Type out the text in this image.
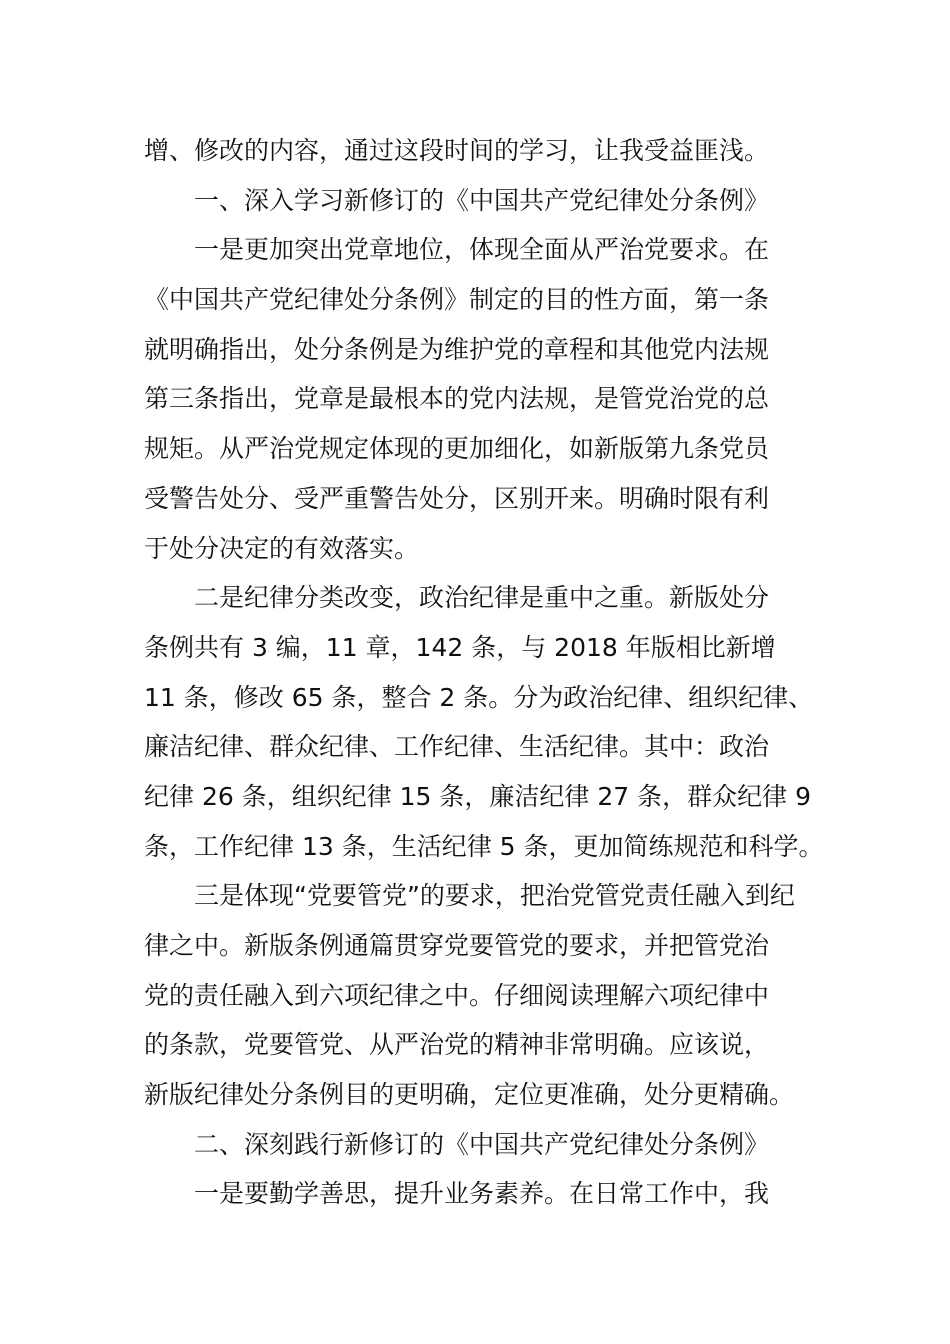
增、修改的内容，通过这段时间的学习，让我受益匪浅。
一、深入学习新修订的《中国共产党纪律处分条例》
一是更加突出党章地位，体现全面从严治党要求。在
《中国共产党纪律处分条例》制定的目的性方面，第一条
就明确指出，处分条例是为维护党的章程和其他党内法规
第三条指出，党章是最根本的党内法规，是管党治党的总
规矩。从严治党规定体现的更加细化，如新版第九条党员
受警告处分、受严重警告处分，区别开来。明确时限有利
于处分决定的有效落实。
二是纪律分类改变，政治纪律是重中之重。新版处分
条例共有 3 编，11 章，142 条，与 2018 年版相比新增
11 条，修改 65 条，整合 2 条。分为政治纪律、组织纪律、
廉洁纪律、群众纪律、工作纪律、生活纪律。其中：政治
纪律 26 条，组织纪律 15 条，廉洁纪律 27 条，群众纪律 9
条，工作纪律 13 条，生活纪律 5 条，更加简练规范和科学。
三是体现“党要管党”的要求，把治党管党责任融入到纪
律之中。新版条例通篇贯穿党要管党的要求，并把管党治
党的责任融入到六项纪律之中。仔细阅读理解六项纪律中
的条款，党要管党、从严治党的精神非常明确。应该说，
新版纪律处分条例目的更明确，定位更准确，处分更精确。
二、深刻践行新修订的《中国共产党纪律处分条例》
一是要勤学善思，提升业务素养。在日常工作中，我
